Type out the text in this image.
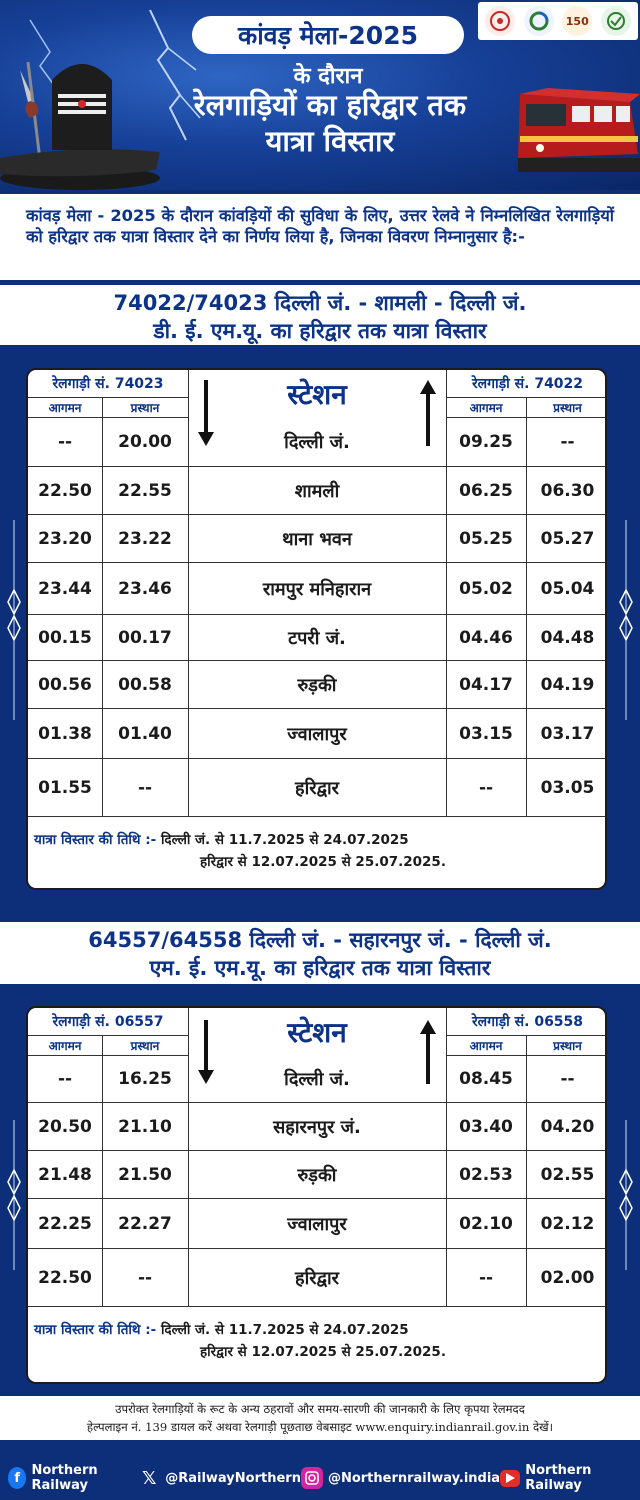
कांवड़ मेला-2025
के दौरान
रेलगाड़ियों का हरिद्वार तक
यात्रा विस्तार
150
कांवड़ मेला - 2025 के दौरान कांवड़ियों की सुविधा के लिए, उत्तर रेलवे ने निम्नलिखित रेलगाड़ियों को हरिद्वार तक यात्रा विस्तार देने का निर्णय लिया है, जिनका विवरण निम्नानुसार है:-
74022/74023 दिल्ली जं. - शामली - दिल्ली जं.
डी. ई. एम.यू. का हरिद्वार तक यात्रा विस्तार
रेलगाड़ी सं. 74023
आगमन	प्रस्थान	स्टेशन	रेलगाड़ी सं. 74022
आगमन	प्रस्थान
--	20.00	दिल्ली जं.	09.25	--
22.50	22.55	शामली	06.25	06.30
23.20	23.22	थाना भवन	05.25	05.27
23.44	23.46	रामपुर मनिहारान	05.02	05.04
00.15	00.17	टपरी जं.	04.46	04.48
00.56	00.58	रुड़की	04.17	04.19
01.38	01.40	ज्वालापुर	03.15	03.17
01.55	--	हरिद्वार	--	03.05
यात्रा विस्तार की तिथि :- दिल्ली जं. से 11.7.2025 से 24.07.2025
हरिद्वार से 12.07.2025 से 25.07.2025.
64557/64558 दिल्ली जं. - सहारनपुर जं. - दिल्ली जं.
एम. ई. एम.यू. का हरिद्वार तक यात्रा विस्तार
रेलगाड़ी सं. 06557
आगमन	प्रस्थान	स्टेशन	रेलगाड़ी सं. 06558
आगमन	प्रस्थान
--	16.25	दिल्ली जं.	08.45	--
20.50	21.10	सहारनपुर जं.	03.40	04.20
21.48	21.50	रुड़की	02.53	02.55
22.25	22.27	ज्वालापुर	02.10	02.12
22.50	--	हरिद्वार	--	02.00
यात्रा विस्तार की तिथि :- दिल्ली जं. से 11.7.2025 से 24.07.2025
हरिद्वार से 12.07.2025 से 25.07.2025.
उपरोक्त रेलगाड़ियों के रूट के अन्य ठहरावों और समय-सारणी की जानकारी के लिए कृपया रेलमदद
हेल्पलाइन नं. 139 डायल करें अथवा रेलगाड़ी पूछताछ वेबसाइट www.enquiry.indianrail.gov.in देखें।
f Northern Railway	𝕏 @RailwayNorthern @Northernrailway.india Northern Railway
